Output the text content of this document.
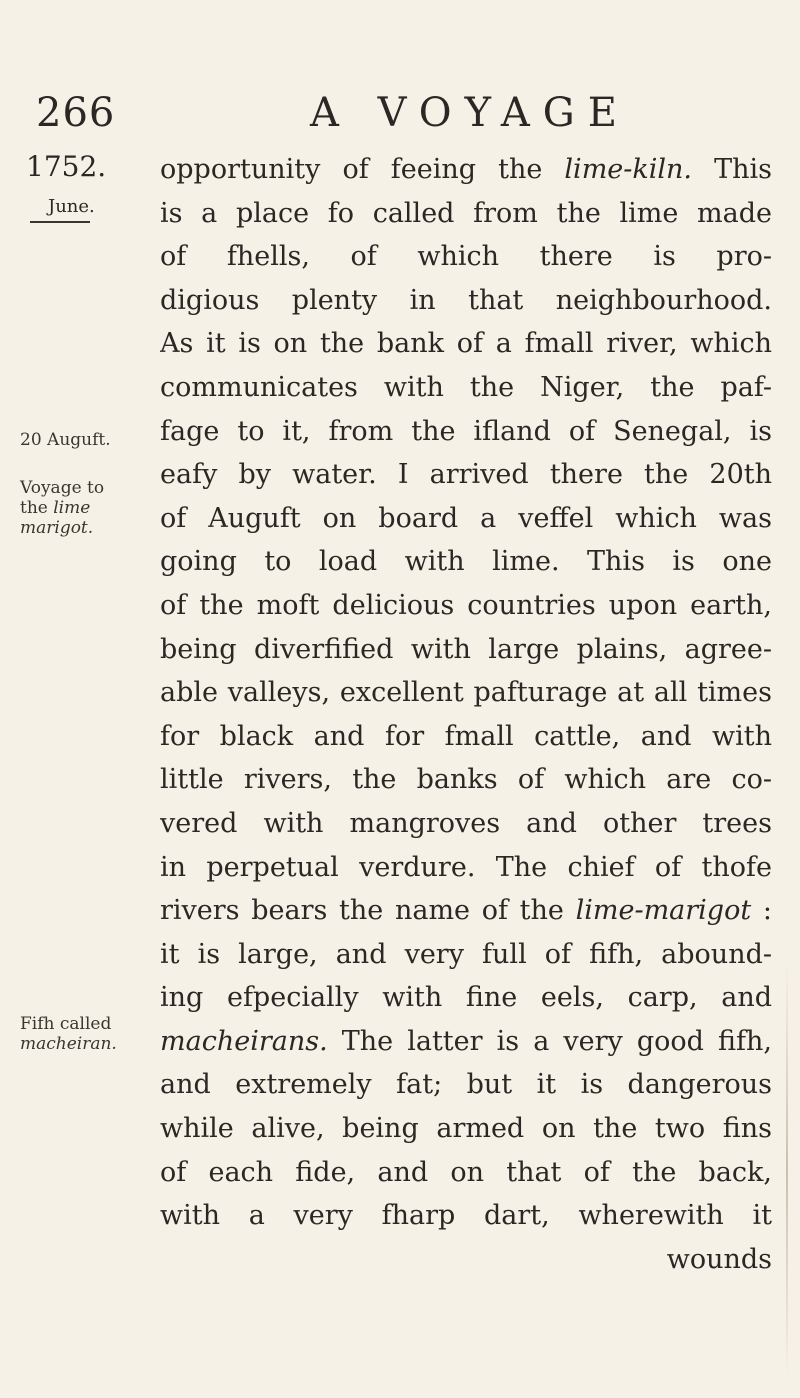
266	A VOYAGE
1752.
June.
20 Auguft.
Voyage to
the lime
marigot.
Fifh called
macheiran.
opportunity of feeing the lime-kiln. This
is a place fo called from the lime made
of fhells, of which there is pro-
digious plenty in that neighbourhood.
As it is on the bank of a fmall river, which
communicates with the Niger, the paf-
fage to it, from the ifland of Senegal, is
eafy by water. I arrived there the 20th
of Auguft on board a veffel which was
going to load with lime. This is one
of the moft delicious countries upon earth,
being diverfified with large plains, agree-
able valleys, excellent pafturage at all times
for black and for fmall cattle, and with
little rivers, the banks of which are co-
vered with mangroves and other trees
in perpetual verdure. The chief of thofe
rivers bears the name of the lime-marigot :
it is large, and very full of fifh, abound-
ing efpecially with fine eels, carp, and
macheirans. The latter is a very good fifh,
and extremely fat; but it is dangerous
while alive, being armed on the two fins
of each fide, and on that of the back,
with a very fharp dart, wherewith it
wounds
